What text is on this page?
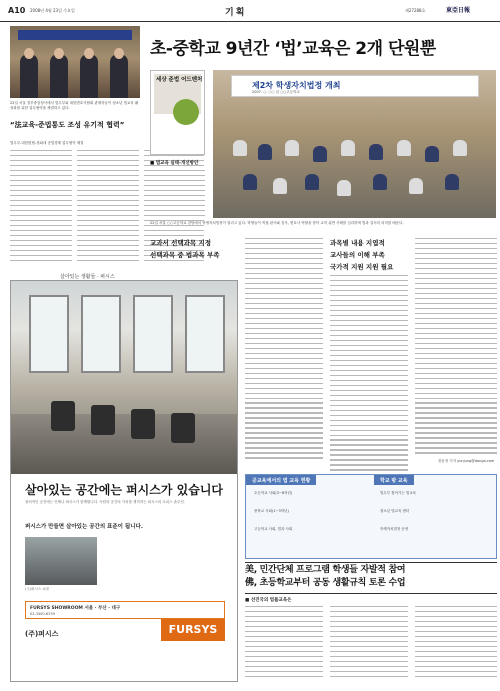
A10 2008년 4월 23일 수요일	기획	제27288호	東亞日報
초-중학교 9년간 ‘법’교육은 2개 단원뿐
22일 서울 정부중앙청사에서 법무부와 대한변호사협회 관계자들이 청소년 법교육 활성화를 위한 업무협약을 체결하고 있다.
“法교육-준법통도 조성 유기적 협력”
법무부-대한변협-청와대 준법경제 업무협약 체결
세상 준법 어드벤처
제2차 학생자치법정 개최
2007. ○. ○○ 일 ○○고등학교
22일 서울 ○○고등학교 강당에서 학생자치법정이 열리고 있다. 학생들이 직접 판사와 검사, 변호사 역할을 맡아 교칙 위반 사례를 심리하며 법과 질서의 의미를 배운다.
■ 법교육 실태-개선방안
교과서 선택과목 지정
선택과목 중 법과목 부족
과목별 내용 지엽적
교사들의 이해 부족
국가적 지원 지원 필요
장윤정 기자 yunjung@donga.com
공교육에서의 법 교육 현황	학교 밖 교육
초등학교 사회(3~6학년)
중학교 사회(1~3학년)
고등학교 사회, 법과 사회
법무부 찾아가는 법교육
청소년 법교육 센터
학생자치법정 운영
美, 민간단체 프로그램 학생들 자발적 참여
佛, 초등학교부터 공동 생활규칙 토론 수업
■ 선진국의 법률교육은
살아있는 생활들 · 퍼시스
살아있는 공간에는 퍼시스가 있습니다
창의적인 공간에는 언제나 퍼시스가 함께합니다. 사람과 공간의 가치를 생각하는 퍼시스의 오피스 솔루션.
퍼시스가 만들면 살아있는 공간의 표준이 됩니다.
(주)퍼시스 쇼룸
FURSYS SHOWROOM 서울 · 부산 · 대구
02-3400-6339
(주)퍼시스	FURSYS
